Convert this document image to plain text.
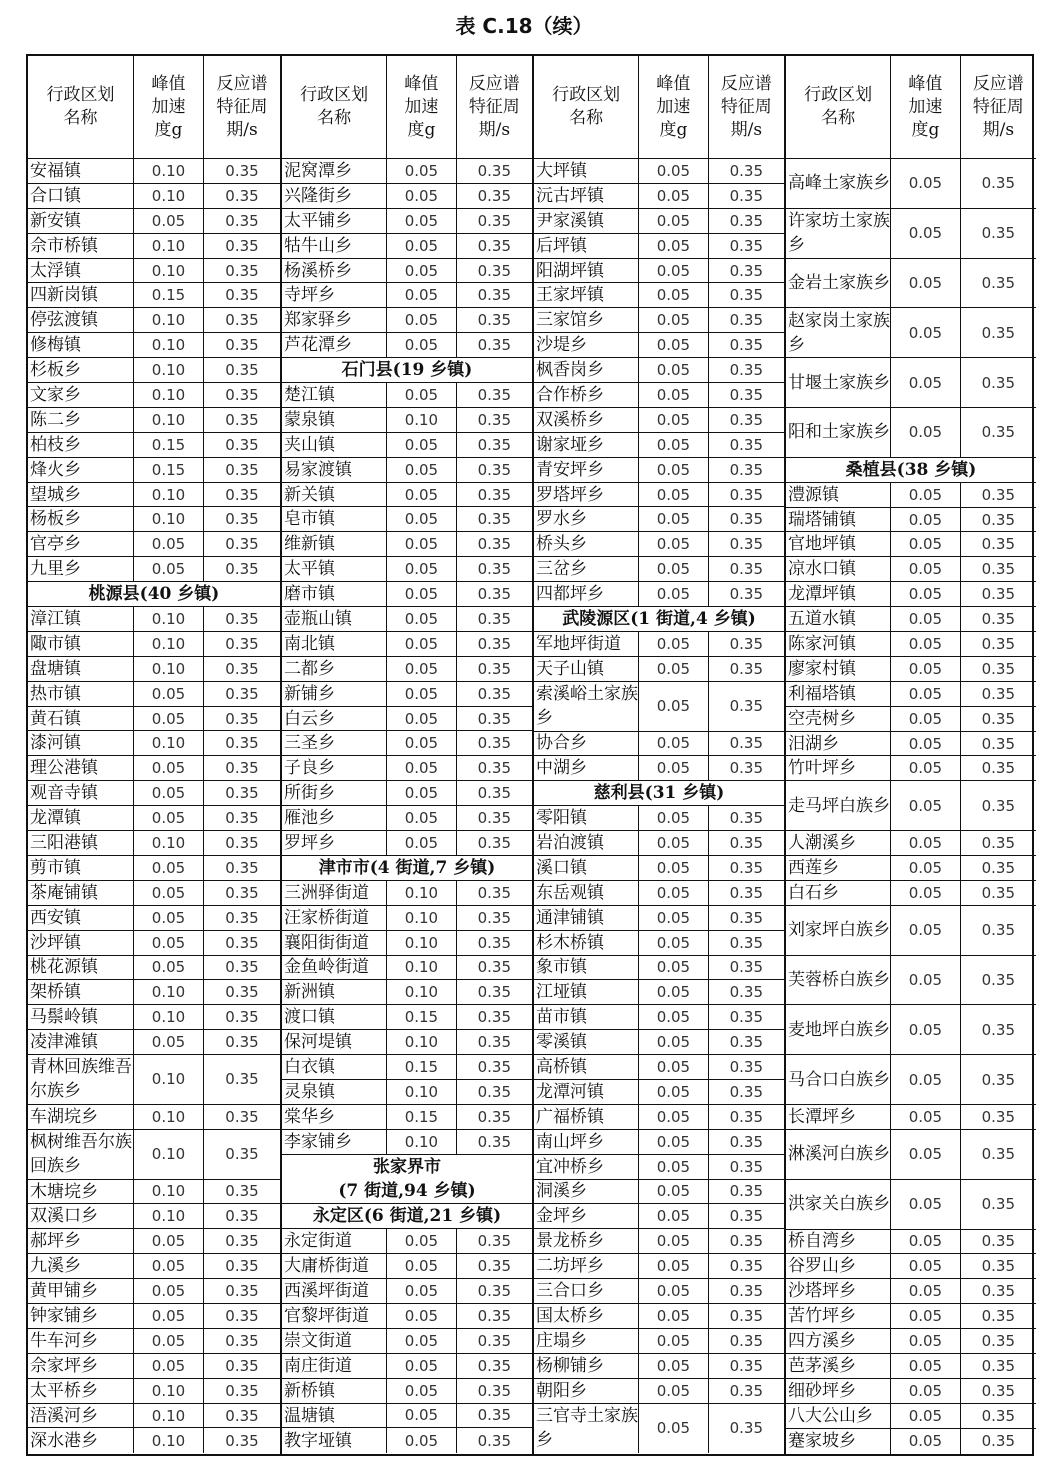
表 C.18（续）
行政区划名称
峰值加速度g
反应谱特征周期/s
安福镇	0.10	0.35
合口镇	0.10	0.35
新安镇	0.05	0.35
佘市桥镇	0.10	0.35
太浮镇	0.10	0.35
四新岗镇	0.15	0.35
停弦渡镇	0.10	0.35
修梅镇	0.10	0.35
杉板乡	0.10	0.35
文家乡	0.10	0.35
陈二乡	0.10	0.35
柏枝乡	0.15	0.35
烽火乡	0.15	0.35
望城乡	0.10	0.35
杨板乡	0.10	0.35
官亭乡	0.05	0.35
九里乡	0.05	0.35
桃源县(40 乡镇)
漳江镇	0.10	0.35
陬市镇	0.10	0.35
盘塘镇	0.10	0.35
热市镇	0.05	0.35
黄石镇	0.05	0.35
漆河镇	0.10	0.35
理公港镇	0.05	0.35
观音寺镇	0.05	0.35
龙潭镇	0.05	0.35
三阳港镇	0.10	0.35
剪市镇	0.05	0.35
茶庵铺镇	0.05	0.35
西安镇	0.05	0.35
沙坪镇	0.05	0.35
桃花源镇	0.05	0.35
架桥镇	0.10	0.35
马鬃岭镇	0.10	0.35
凌津滩镇	0.05	0.35
青林回族维吾尔族乡
0.10	0.35
车湖垸乡	0.10	0.35
枫树维吾尔族回族乡
0.10	0.35
木塘垸乡	0.10	0.35
双溪口乡	0.10	0.35
郝坪乡	0.05	0.35
九溪乡	0.05	0.35
黄甲铺乡	0.05	0.35
钟家铺乡	0.05	0.35
牛车河乡	0.05	0.35
佘家坪乡	0.05	0.35
太平桥乡	0.10	0.35
浯溪河乡	0.10	0.35
深水港乡	0.10	0.35
行政区划名称
峰值加速度g
反应谱特征周期/s
泥窝潭乡	0.05	0.35
兴隆街乡	0.05	0.35
太平铺乡	0.05	0.35
牯牛山乡	0.05	0.35
杨溪桥乡	0.05	0.35
寺坪乡	0.05	0.35
郑家驿乡	0.05	0.35
芦花潭乡	0.05	0.35
石门县(19 乡镇)
楚江镇	0.05	0.35
蒙泉镇	0.10	0.35
夹山镇	0.05	0.35
易家渡镇	0.05	0.35
新关镇	0.05	0.35
皂市镇	0.05	0.35
维新镇	0.05	0.35
太平镇	0.05	0.35
磨市镇	0.05	0.35
壶瓶山镇	0.05	0.35
南北镇	0.05	0.35
二都乡	0.05	0.35
新铺乡	0.05	0.35
白云乡	0.05	0.35
三圣乡	0.05	0.35
子良乡	0.05	0.35
所街乡	0.05	0.35
雁池乡	0.05	0.35
罗坪乡	0.05	0.35
津市市(4 街道,7 乡镇)
三洲驿街道	0.10	0.35
汪家桥街道	0.10	0.35
襄阳街街道	0.10	0.35
金鱼岭街道	0.10	0.35
新洲镇	0.10	0.35
渡口镇	0.15	0.35
保河堤镇	0.10	0.35
白衣镇	0.15	0.35
灵泉镇	0.10	0.35
棠华乡	0.15	0.35
李家铺乡	0.10	0.35
张家界市
(7 街道,94 乡镇)
永定区(6 街道,21 乡镇)
永定街道	0.05	0.35
大庸桥街道	0.05	0.35
西溪坪街道	0.05	0.35
官黎坪街道	0.05	0.35
崇文街道	0.05	0.35
南庄街道	0.05	0.35
新桥镇	0.05	0.35
温塘镇	0.05	0.35
教字垭镇	0.05	0.35
行政区划名称
峰值加速度g
反应谱特征周期/s
大坪镇	0.05	0.35
沅古坪镇	0.05	0.35
尹家溪镇	0.05	0.35
后坪镇	0.05	0.35
阳湖坪镇	0.05	0.35
王家坪镇	0.05	0.35
三家馆乡	0.05	0.35
沙堤乡	0.05	0.35
枫香岗乡	0.05	0.35
合作桥乡	0.05	0.35
双溪桥乡	0.05	0.35
谢家垭乡	0.05	0.35
青安坪乡	0.05	0.35
罗塔坪乡	0.05	0.35
罗水乡	0.05	0.35
桥头乡	0.05	0.35
三岔乡	0.05	0.35
四都坪乡	0.05	0.35
武陵源区(1 街道,4 乡镇)
军地坪街道	0.05	0.35
天子山镇	0.05	0.35
索溪峪土家族乡
0.05	0.35
协合乡	0.05	0.35
中湖乡	0.05	0.35
慈利县(31 乡镇)
零阳镇	0.05	0.35
岩泊渡镇	0.05	0.35
溪口镇	0.05	0.35
东岳观镇	0.05	0.35
通津铺镇	0.05	0.35
杉木桥镇	0.05	0.35
象市镇	0.05	0.35
江垭镇	0.05	0.35
苗市镇	0.05	0.35
零溪镇	0.05	0.35
高桥镇	0.05	0.35
龙潭河镇	0.05	0.35
广福桥镇	0.05	0.35
南山坪乡	0.05	0.35
宜冲桥乡	0.05	0.35
洞溪乡	0.05	0.35
金坪乡	0.05	0.35
景龙桥乡	0.05	0.35
二坊坪乡	0.05	0.35
三合口乡	0.05	0.35
国太桥乡	0.05	0.35
庄塌乡	0.05	0.35
杨柳铺乡	0.05	0.35
朝阳乡	0.05	0.35
三官寺土家族乡
0.05	0.35
行政区划名称
峰值加速度g
反应谱特征周期/s
高峰土家族乡	0.05	0.35
许家坊土家族乡
0.05	0.35
金岩土家族乡	0.05	0.35
赵家岗土家族乡
0.05	0.35
甘堰土家族乡	0.05	0.35
阳和土家族乡	0.05	0.35
桑植县(38 乡镇)
澧源镇	0.05	0.35
瑞塔铺镇	0.05	0.35
官地坪镇	0.05	0.35
凉水口镇	0.05	0.35
龙潭坪镇	0.05	0.35
五道水镇	0.05	0.35
陈家河镇	0.05	0.35
廖家村镇	0.05	0.35
利福塔镇	0.05	0.35
空壳树乡	0.05	0.35
汨湖乡	0.05	0.35
竹叶坪乡	0.05	0.35
走马坪白族乡	0.05	0.35
人潮溪乡	0.05	0.35
西莲乡	0.05	0.35
白石乡	0.05	0.35
刘家坪白族乡	0.05	0.35
芙蓉桥白族乡	0.05	0.35
麦地坪白族乡	0.05	0.35
马合口白族乡	0.05	0.35
长潭坪乡	0.05	0.35
淋溪河白族乡	0.05	0.35
洪家关白族乡	0.05	0.35
桥自湾乡	0.05	0.35
谷罗山乡	0.05	0.35
沙塔坪乡	0.05	0.35
苦竹坪乡	0.05	0.35
四方溪乡	0.05	0.35
芭茅溪乡	0.05	0.35
细砂坪乡	0.05	0.35
八大公山乡	0.05	0.35
蹇家坡乡	0.05	0.35
